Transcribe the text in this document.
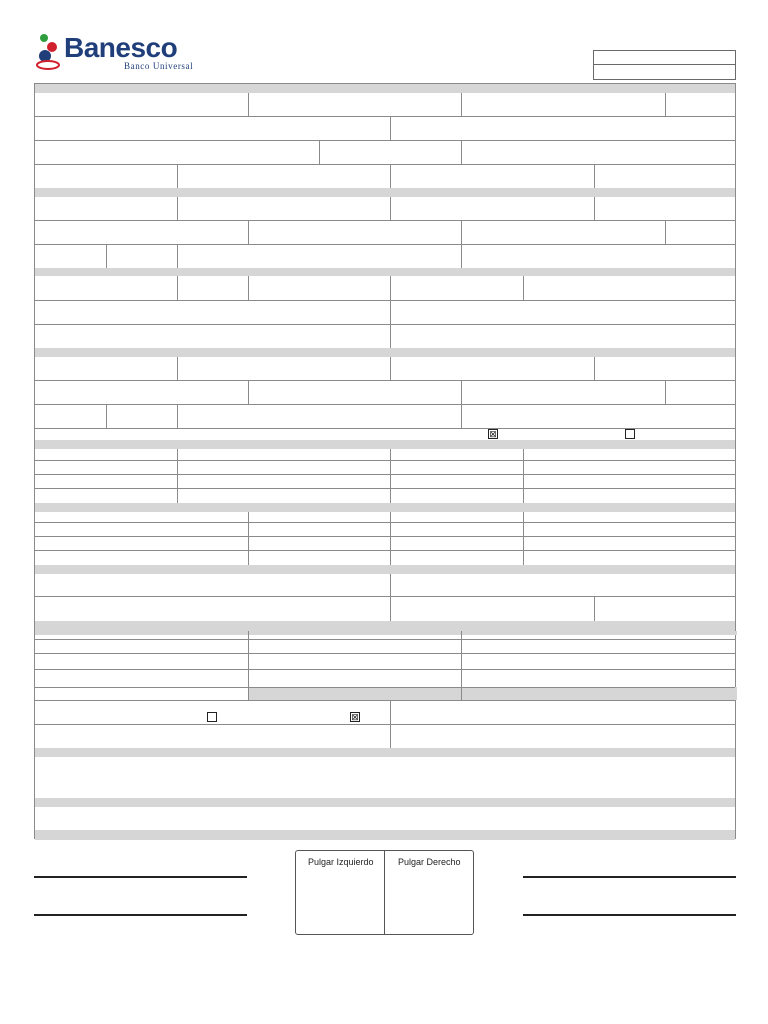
Banesco
Banco Universal
⊠
⊠
Pulgar Izquierdo	Pulgar Derecho
